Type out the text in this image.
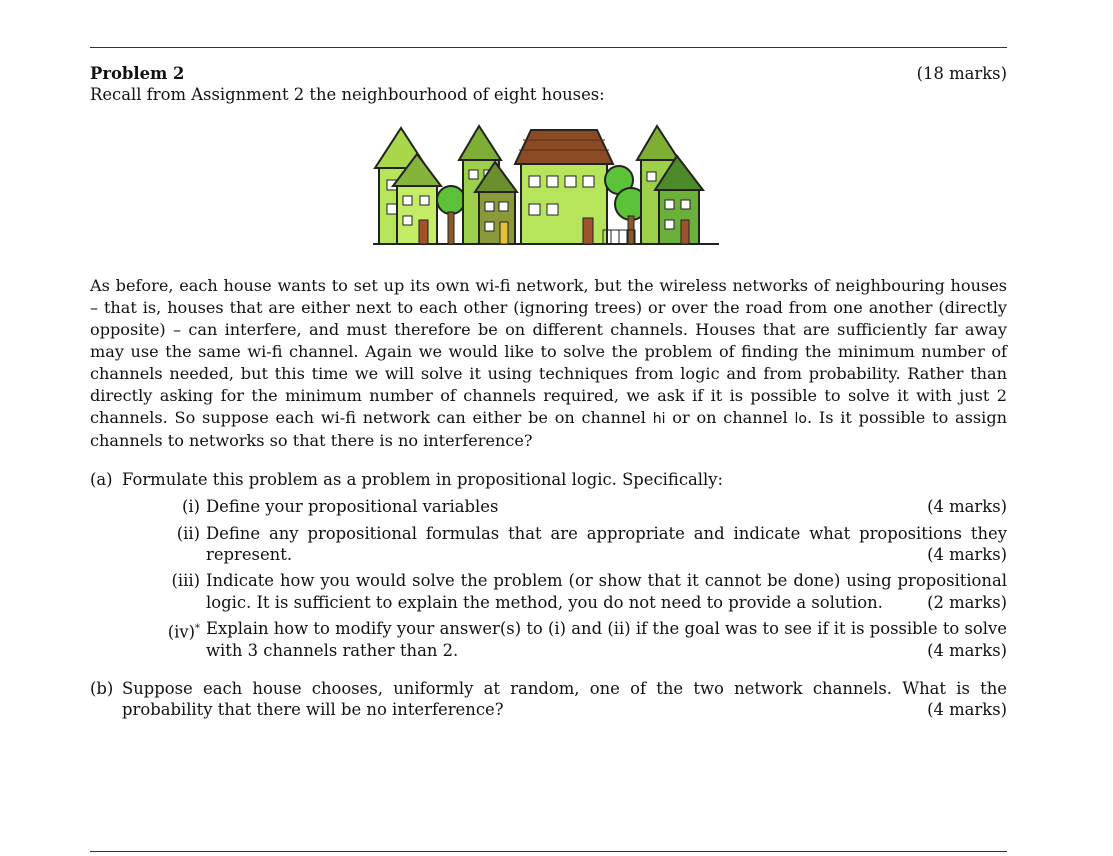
Problem 2	(18 marks)
Recall from Assignment 2 the neighbourhood of eight houses:
As before, each house wants to set up its own wi-fi network, but the wireless networks of neighbouring houses – that is, houses that are either next to each other (ignoring trees) or over the road from one another (directly opposite) – can interfere, and must therefore be on different channels. Houses that are sufficiently far away may use the same wi-fi channel. Again we would like to solve the problem of finding the minimum number of channels needed, but this time we will solve it using techniques from logic and from probability. Rather than directly asking for the minimum number of channels required, we ask if it is possible to solve it with just 2 channels. So suppose each wi-fi network can either be on channel hi or on channel lo. Is it possible to assign channels to networks so that there is no interference?
(a) Formulate this problem as a problem in propositional logic. Specifically:
(i) Define your propositional variables	(4 marks)
(ii) Define any propositional formulas that are appropriate and indicate what propositions they
represent.	(4 marks)
(iii) Indicate how you would solve the problem (or show that it cannot be done) using propositional
logic. It is sufficient to explain the method, you do not need to provide a solution.	(2 marks)
(iv)* Explain how to modify your answer(s) to (i) and (ii) if the goal was to see if it is possible to solve
with 3 channels rather than 2.	(4 marks)
(b) Suppose each house chooses, uniformly at random, one of the two network channels. What is the
probability that there will be no interference?	(4 marks)
